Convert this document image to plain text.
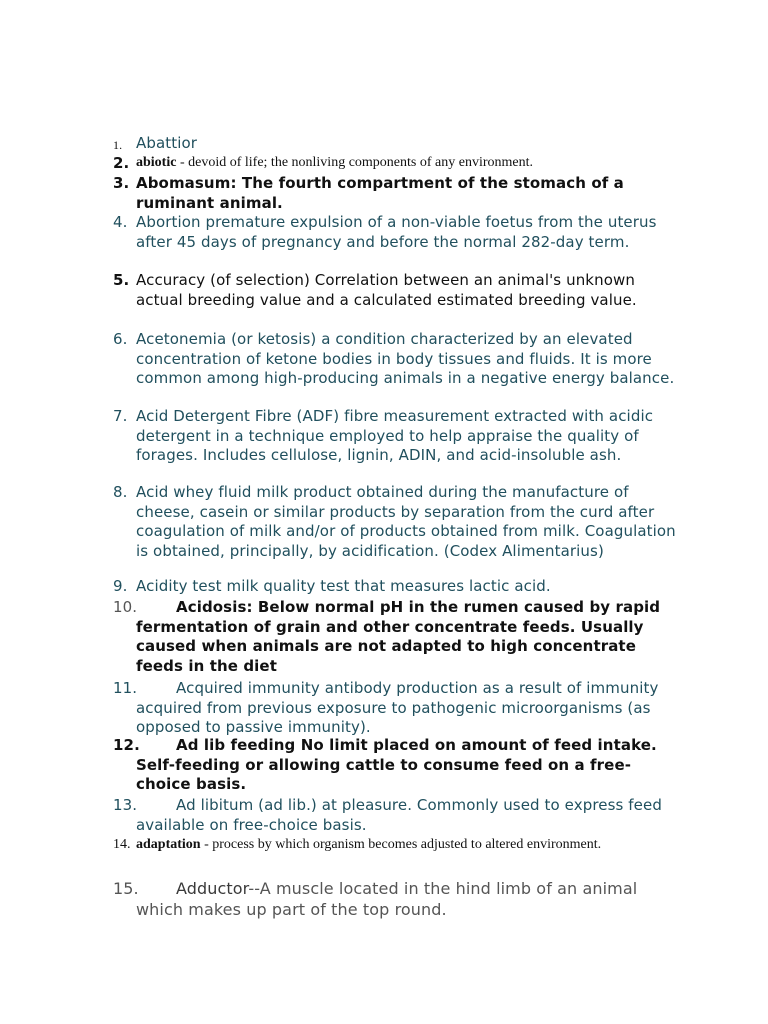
1. Abattior
2. abiotic - devoid of life; the nonliving components of any environment.
3. Abomasum: The fourth compartment of the stomach of a ruminant animal.
4. Abortion premature expulsion of a non-viable foetus from the uterus after 45 days of pregnancy and before the normal 282-day term.
5. Accuracy (of selection) Correlation between an animal's unknown actual breeding value and a calculated estimated breeding value.
6. Acetonemia (or ketosis) a condition characterized by an elevated concentration of ketone bodies in body tissues and fluids. It is more common among high-producing animals in a negative energy balance.
7. Acid Detergent Fibre (ADF) fibre measurement extracted with acidic detergent in a technique employed to help appraise the quality of forages. Includes cellulose, lignin, ADIN, and acid-insoluble ash.
8. Acid whey fluid milk product obtained during the manufacture of cheese, casein or similar products by separation from the curd after coagulation of milk and/or of products obtained from milk. Coagulation is obtained, principally, by acidification. (Codex Alimentarius)
9. Acidity test milk quality test that measures lactic acid.
10.	Acidosis: Below normal pH in the rumen caused by rapid fermentation of grain and other concentrate feeds. Usually caused when animals are not adapted to high concentrate feeds in the diet
11.	Acquired immunity antibody production as a result of immunity acquired from previous exposure to pathogenic microorganisms (as opposed to passive immunity).
12.	Ad lib feeding No limit placed on amount of feed intake. Self-feeding or allowing cattle to consume feed on a free-choice basis.
13.	Ad libitum (ad lib.) at pleasure. Commonly used to express feed available on free-choice basis.
14. adaptation - process by which organism becomes adjusted to altered environment.
15.	Adductor--A muscle located in the hind limb of an animal which makes up part of the top round.
